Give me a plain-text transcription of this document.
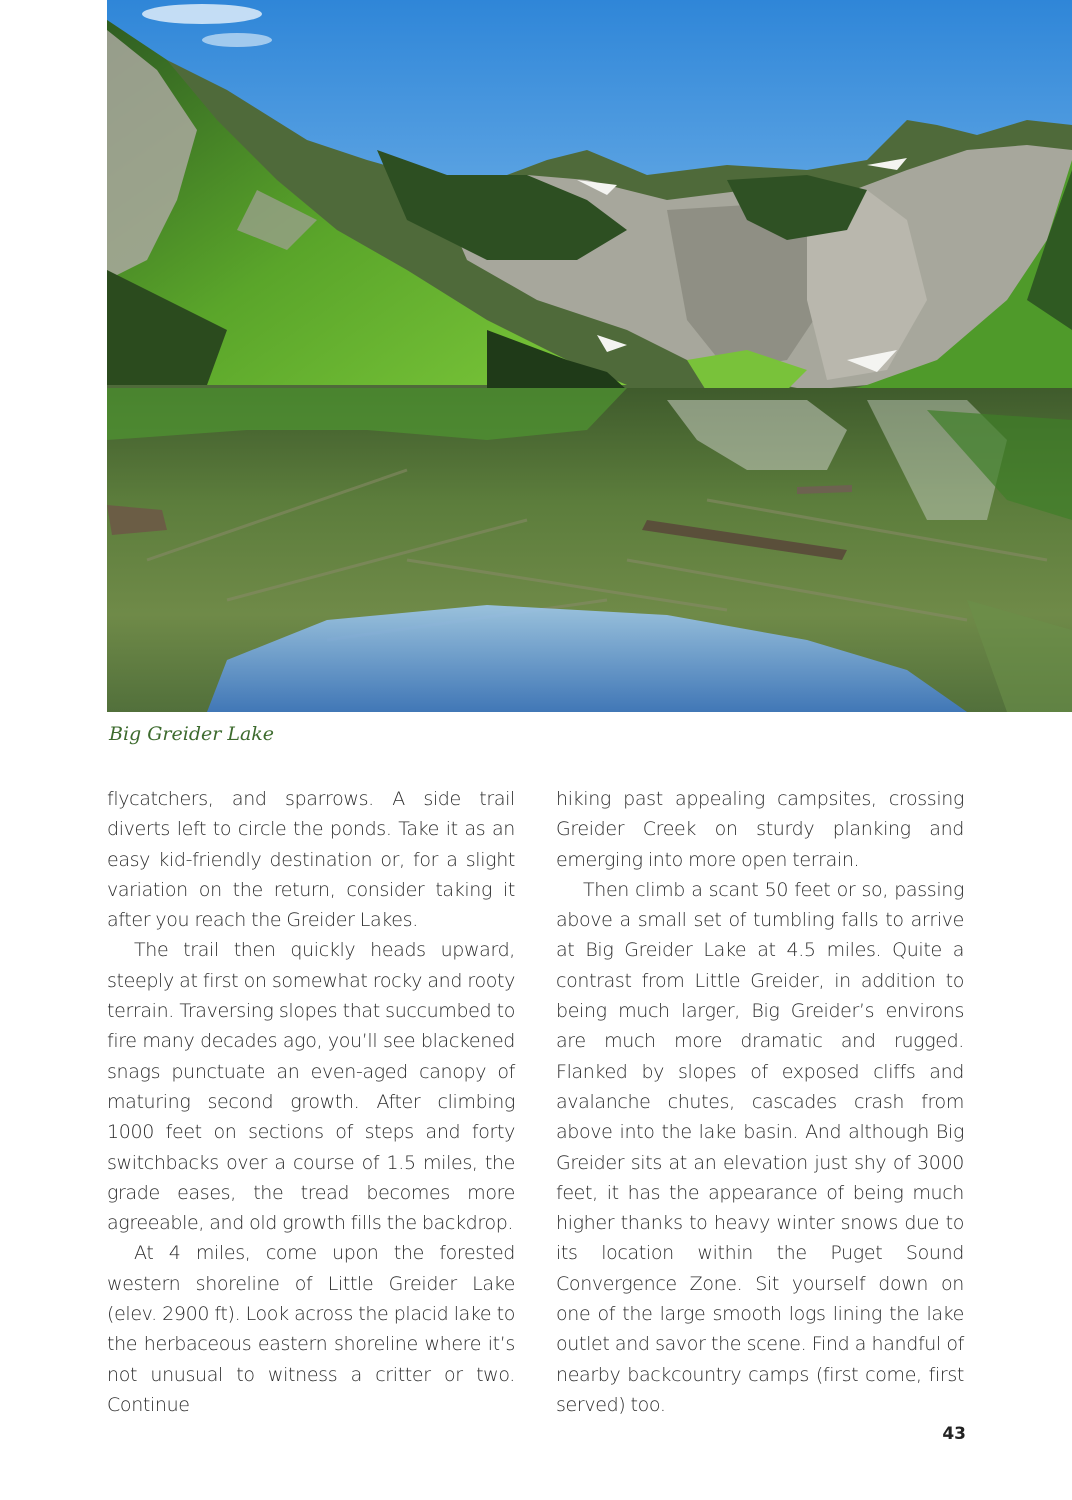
Big Greider Lake

flycatchers, and sparrows. A side trail diverts left to circle the ponds. Take it as an easy kid-friendly destination or, for a slight variation on the return, consider taking it after you reach the Greider Lakes.

The trail then quickly heads upward, steeply at first on somewhat rocky and rooty terrain. Traversing slopes that succumbed to fire many decades ago, you’ll see blackened snags punctuate an even-aged canopy of maturing second growth. After climbing 1000 feet on sections of steps and forty switchbacks over a course of 1.5 miles, the grade eases, the tread becomes more agreeable, and old growth fills the backdrop.

At 4 miles, come upon the forested western shoreline of Little Greider Lake (elev. 2900 ft). Look across the placid lake to the herbaceous eastern shoreline where it’s not unusual to witness a critter or two. Continue

hiking past appealing campsites, crossing Greider Creek on sturdy planking and emerging into more open terrain.

Then climb a scant 50 feet or so, passing above a small set of tumbling falls to arrive at Big Greider Lake at 4.5 miles. Quite a contrast from Little Greider, in addition to being much larger, Big Greider’s environs are much more dramatic and rugged. Flanked by slopes of exposed cliffs and avalanche chutes, cascades crash from above into the lake basin. And although Big Greider sits at an elevation just shy of 3000 feet, it has the appearance of being much higher thanks to heavy winter snows due to its location within the Puget Sound Convergence Zone. Sit yourself down on one of the large smooth logs lining the lake outlet and savor the scene. Find a handful of nearby backcountry camps (first come, first served) too.

43
